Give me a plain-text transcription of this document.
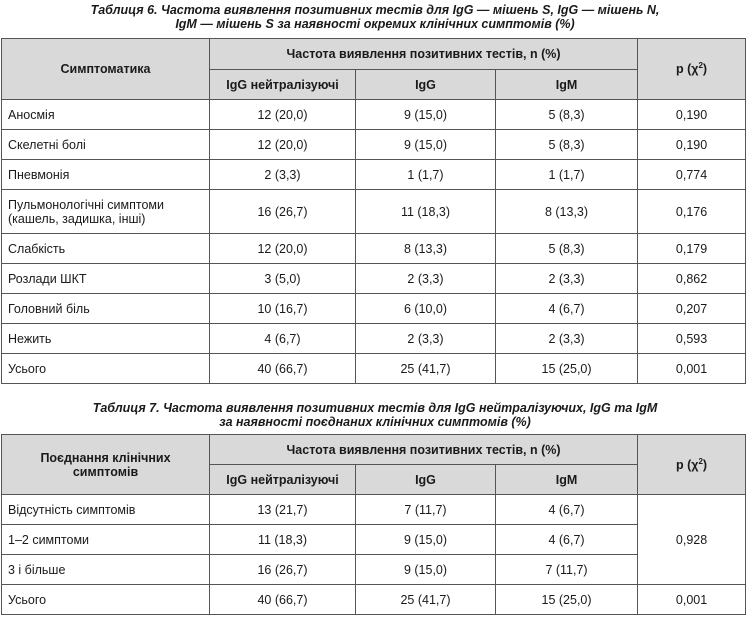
Таблиця 6. Частота виявлення позитивних тестів для IgG — мішень S, IgG — мішень N,
IgM — мішень S за наявності окремих клінічних симптомів (%)
Симптоматика	Частота виявлення позитивних тестів, n (%)			p $(\chi^2)$
	IgG нейтралізуючі	IgG	IgM	
Аносмія	12 (20,0)	9 (15,0)	5 (8,3)	0,190
Скелетні болі	12 (20,0)	9 (15,0)	5 (8,3)	0,190
Пневмонія	2 (3,3)	1 (1,7)	1 (1,7)	0,774
Пульмонологічні симптоми (кашель, задишка, інші)	16 (26,7)	11 (18,3)	8 (13,3)	0,176
Слабкість	12 (20,0)	8 (13,3)	5 (8,3)	0,179
Розлади ШКТ	3 (5,0)	2 (3,3)	2 (3,3)	0,862
Головний біль	10 (16,7)	6 (10,0)	4 (6,7)	0,207
Нежить	4 (6,7)	2 (3,3)	2 (3,3)	0,593
Усього	40 (66,7)	25 (41,7)	15 (25,0)	0,001
Таблиця 7. Частота виявлення позитивних тестів для IgG нейтралізуючих, IgG та IgM
за наявності поєднаних клінічних симптомів (%)
Поєднання клінічних симптомів	Частота виявлення позитивних тестів, n (%)			p $(\chi^2)$
	IgG нейтралізуючі	IgG	IgM	
Відсутність симптомів	13 (21,7)	7 (11,7)	4 (6,7)	0,928
1–2 симптоми	11 (18,3)	9 (15,0)	4 (6,7)	
3 і більше	16 (26,7)	9 (15,0)	7 (11,7)	
Усього	40 (66,7)	25 (41,7)	15 (25,0)	0,001
